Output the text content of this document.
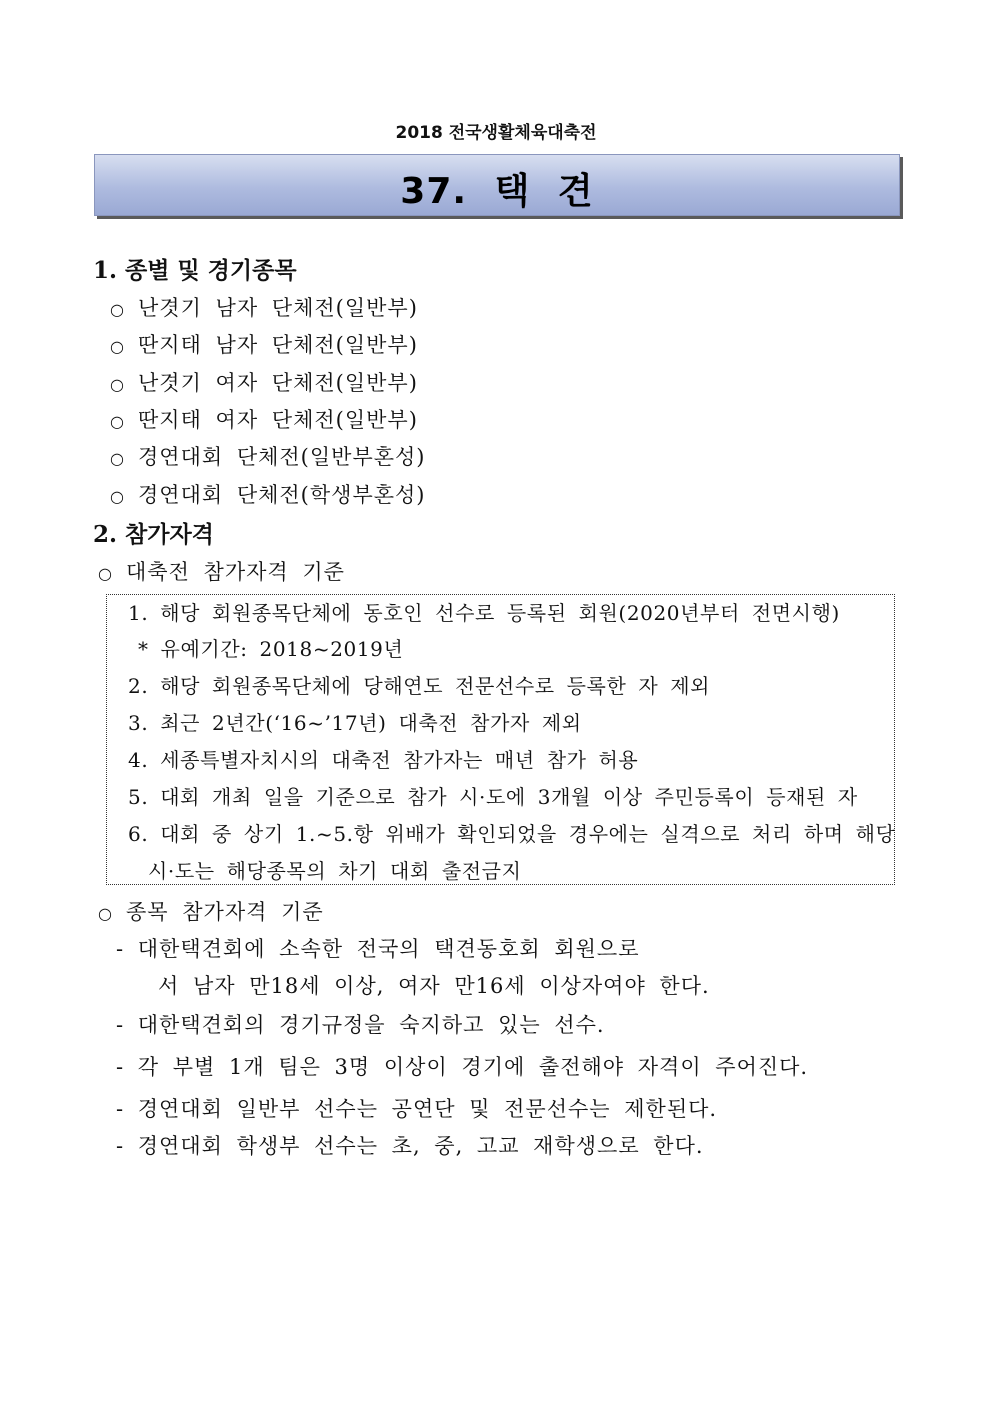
2018 전국생활체육대축전
37. 택 견
1. 종별 및 경기종목
○ 난겻기 남자 단체전(일반부)
○ 딴지태 남자 단체전(일반부)
○ 난겻기 여자 단체전(일반부)
○ 딴지태 여자 단체전(일반부)
○ 경연대회 단체전(일반부혼성)
○ 경연대회 단체전(학생부혼성)
2. 참가자격
○ 대축전 참가자격 기준
1. 해당 회원종목단체에 동호인 선수로 등록된 회원(2020년부터 전면시행)
* 유예기간: 2018~2019년
2. 해당 회원종목단체에 당해연도 전문선수로 등록한 자 제외
3. 최근 2년간(‘16~’17년) 대축전 참가자 제외
4. 세종특별자치시의 대축전 참가자는 매년 참가 허용
5. 대회 개최 일을 기준으로 참가 시·도에 3개월 이상 주민등록이 등재된 자
6. 대회 중 상기 1.~5.항 위배가 확인되었을 경우에는 실격으로 처리 하며 해당
시·도는 해당종목의 차기 대회 출전금지
○ 종목 참가자격 기준
- 대한택견회에 소속한 전국의 택견동호회 회원으로
서 남자 만18세 이상, 여자 만16세 이상자여야 한다.
- 대한택견회의 경기규정을 숙지하고 있는 선수.
- 각 부별 1개 팀은 3명 이상이 경기에 출전해야 자격이 주어진다.
- 경연대회 일반부 선수는 공연단 및 전문선수는 제한된다.
- 경연대회 학생부 선수는 초, 중, 고교 재학생으로 한다.
